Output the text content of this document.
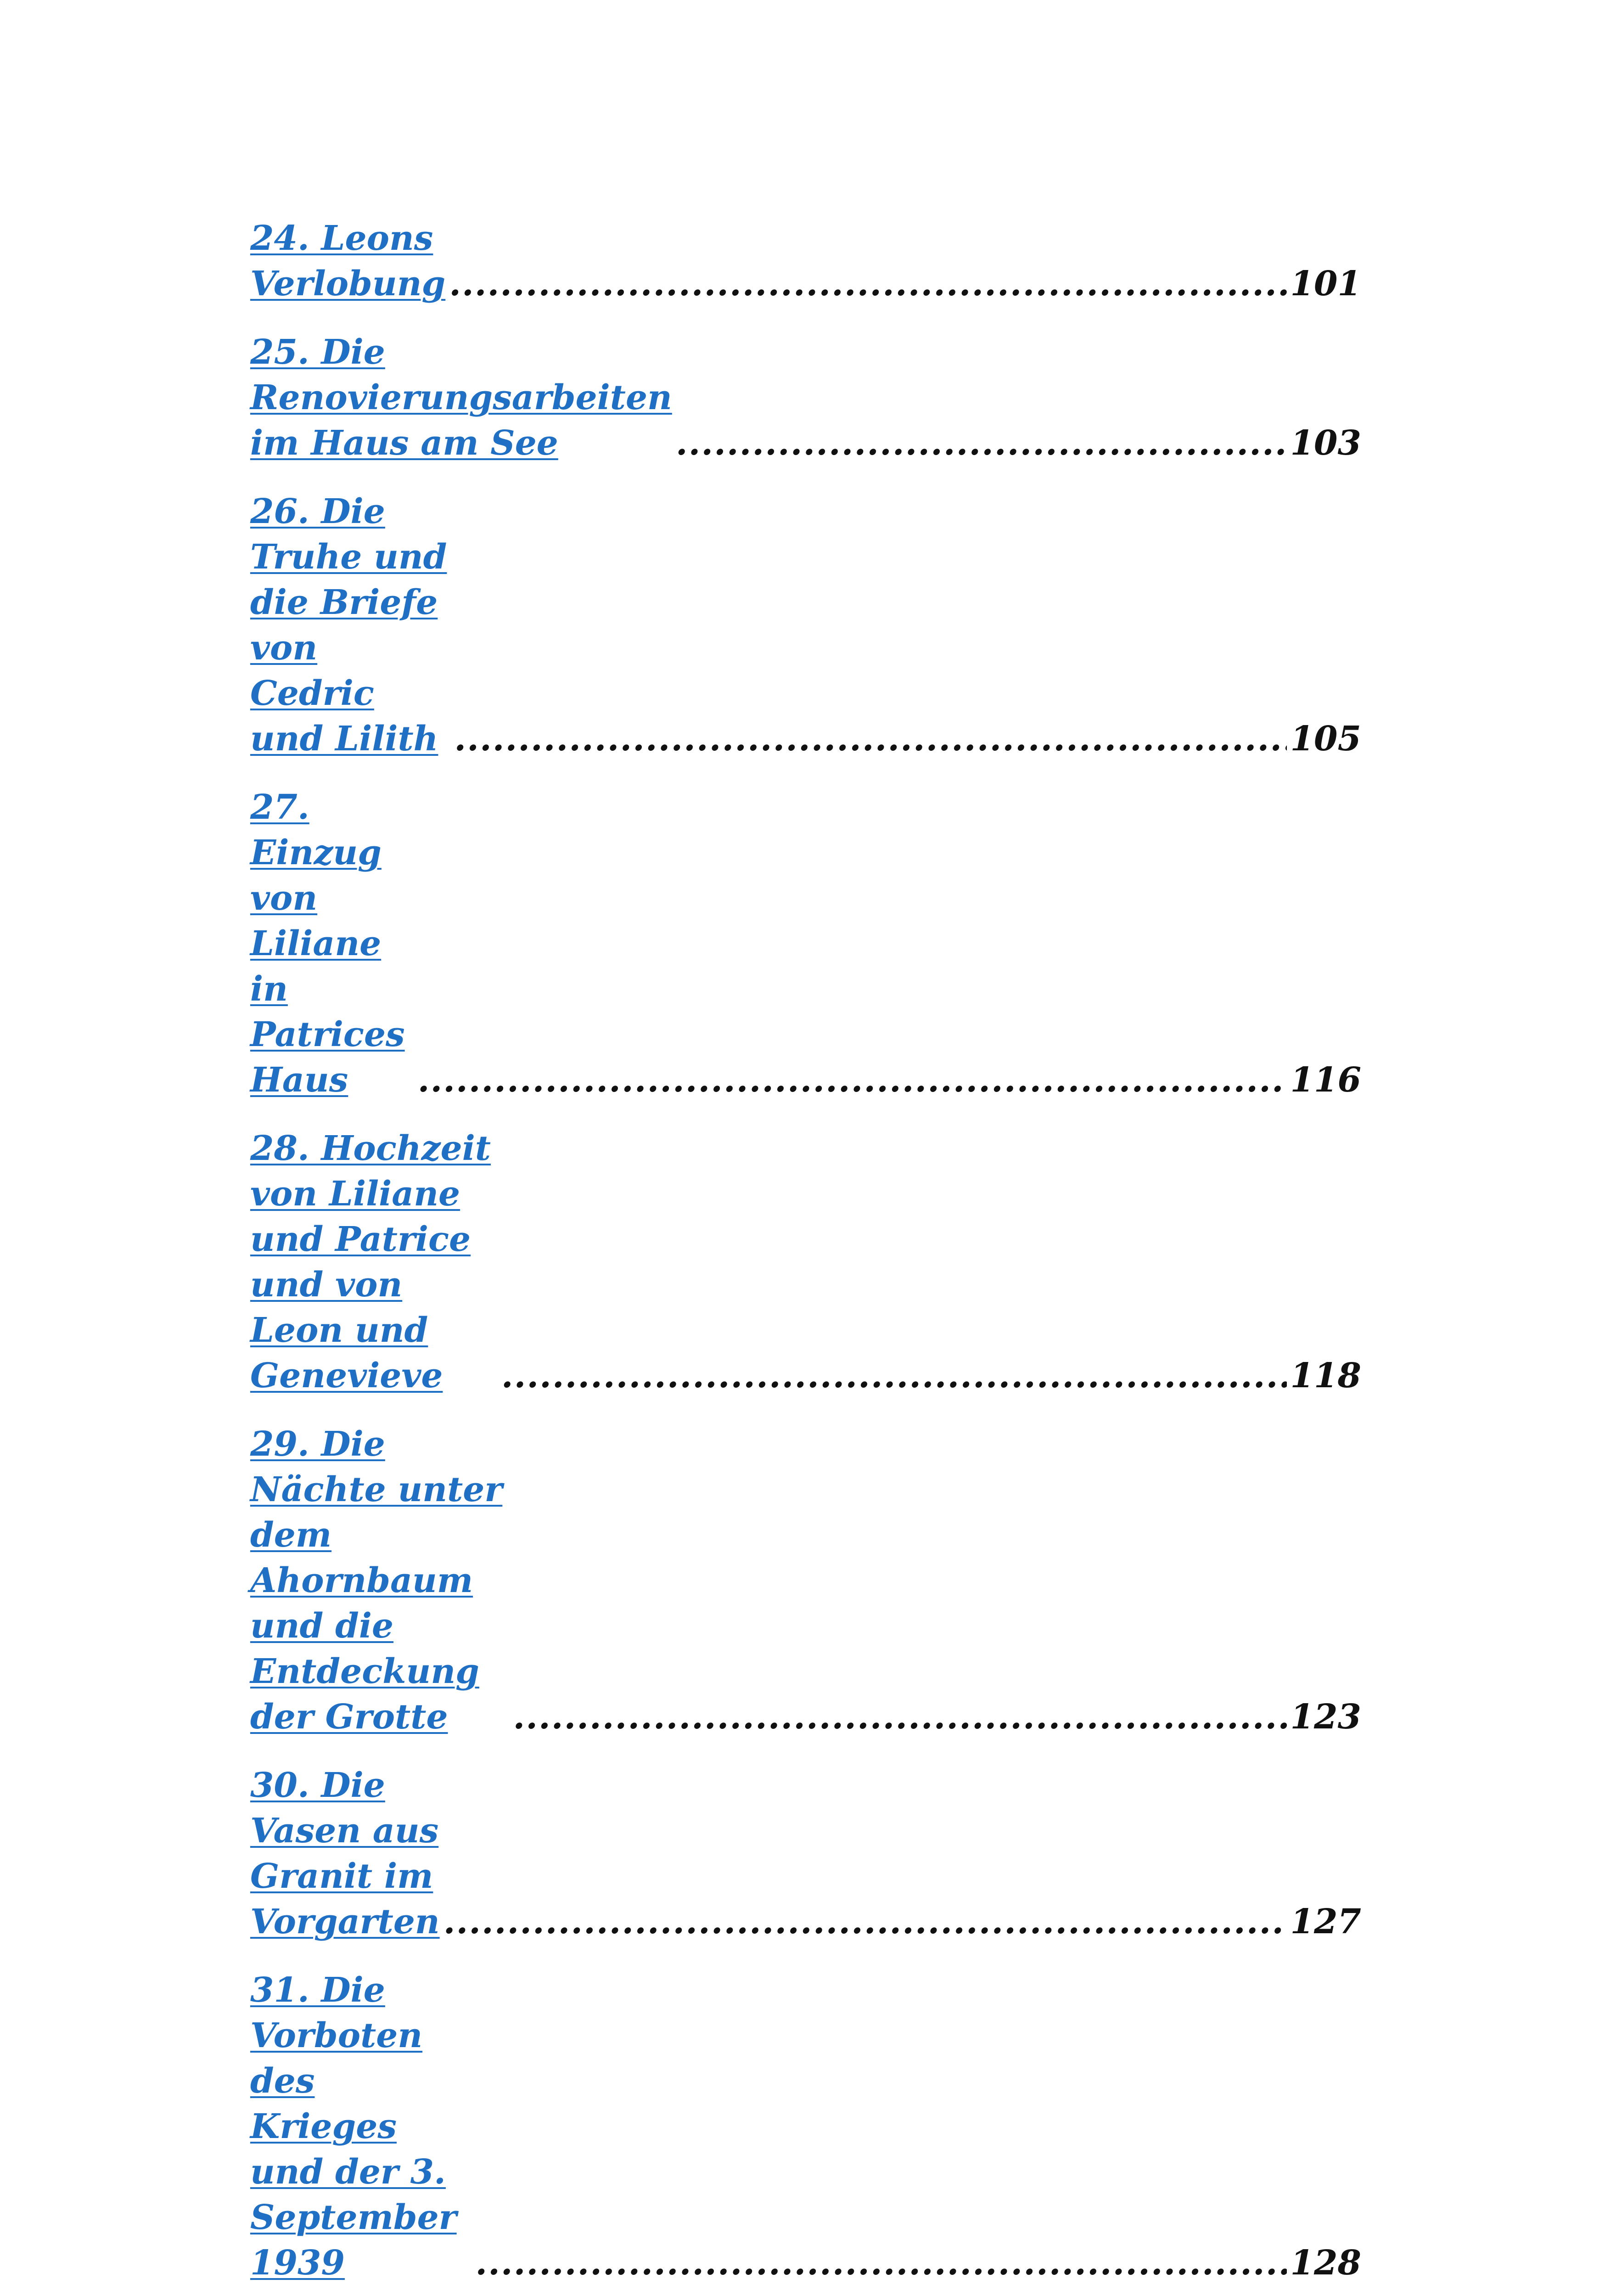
24. Leons Verlobung .....	101
25. Die Renovierungsarbeiten im Haus am See .....	103
26. Die Truhe und die Briefe von Cedric und Lilith .....	105
27. Einzug von Liliane in Patrices Haus .....	116
28. Hochzeit von Liliane und Patrice und von Leon und Genevieve .....	118
29. Die Nächte unter dem Ahornbaum und die Entdeckung der Grotte .....	123
30. Die Vasen aus Granit im Vorgarten .....	127
31. Die Vorboten des Krieges und der 3. September 1939 .....	128
